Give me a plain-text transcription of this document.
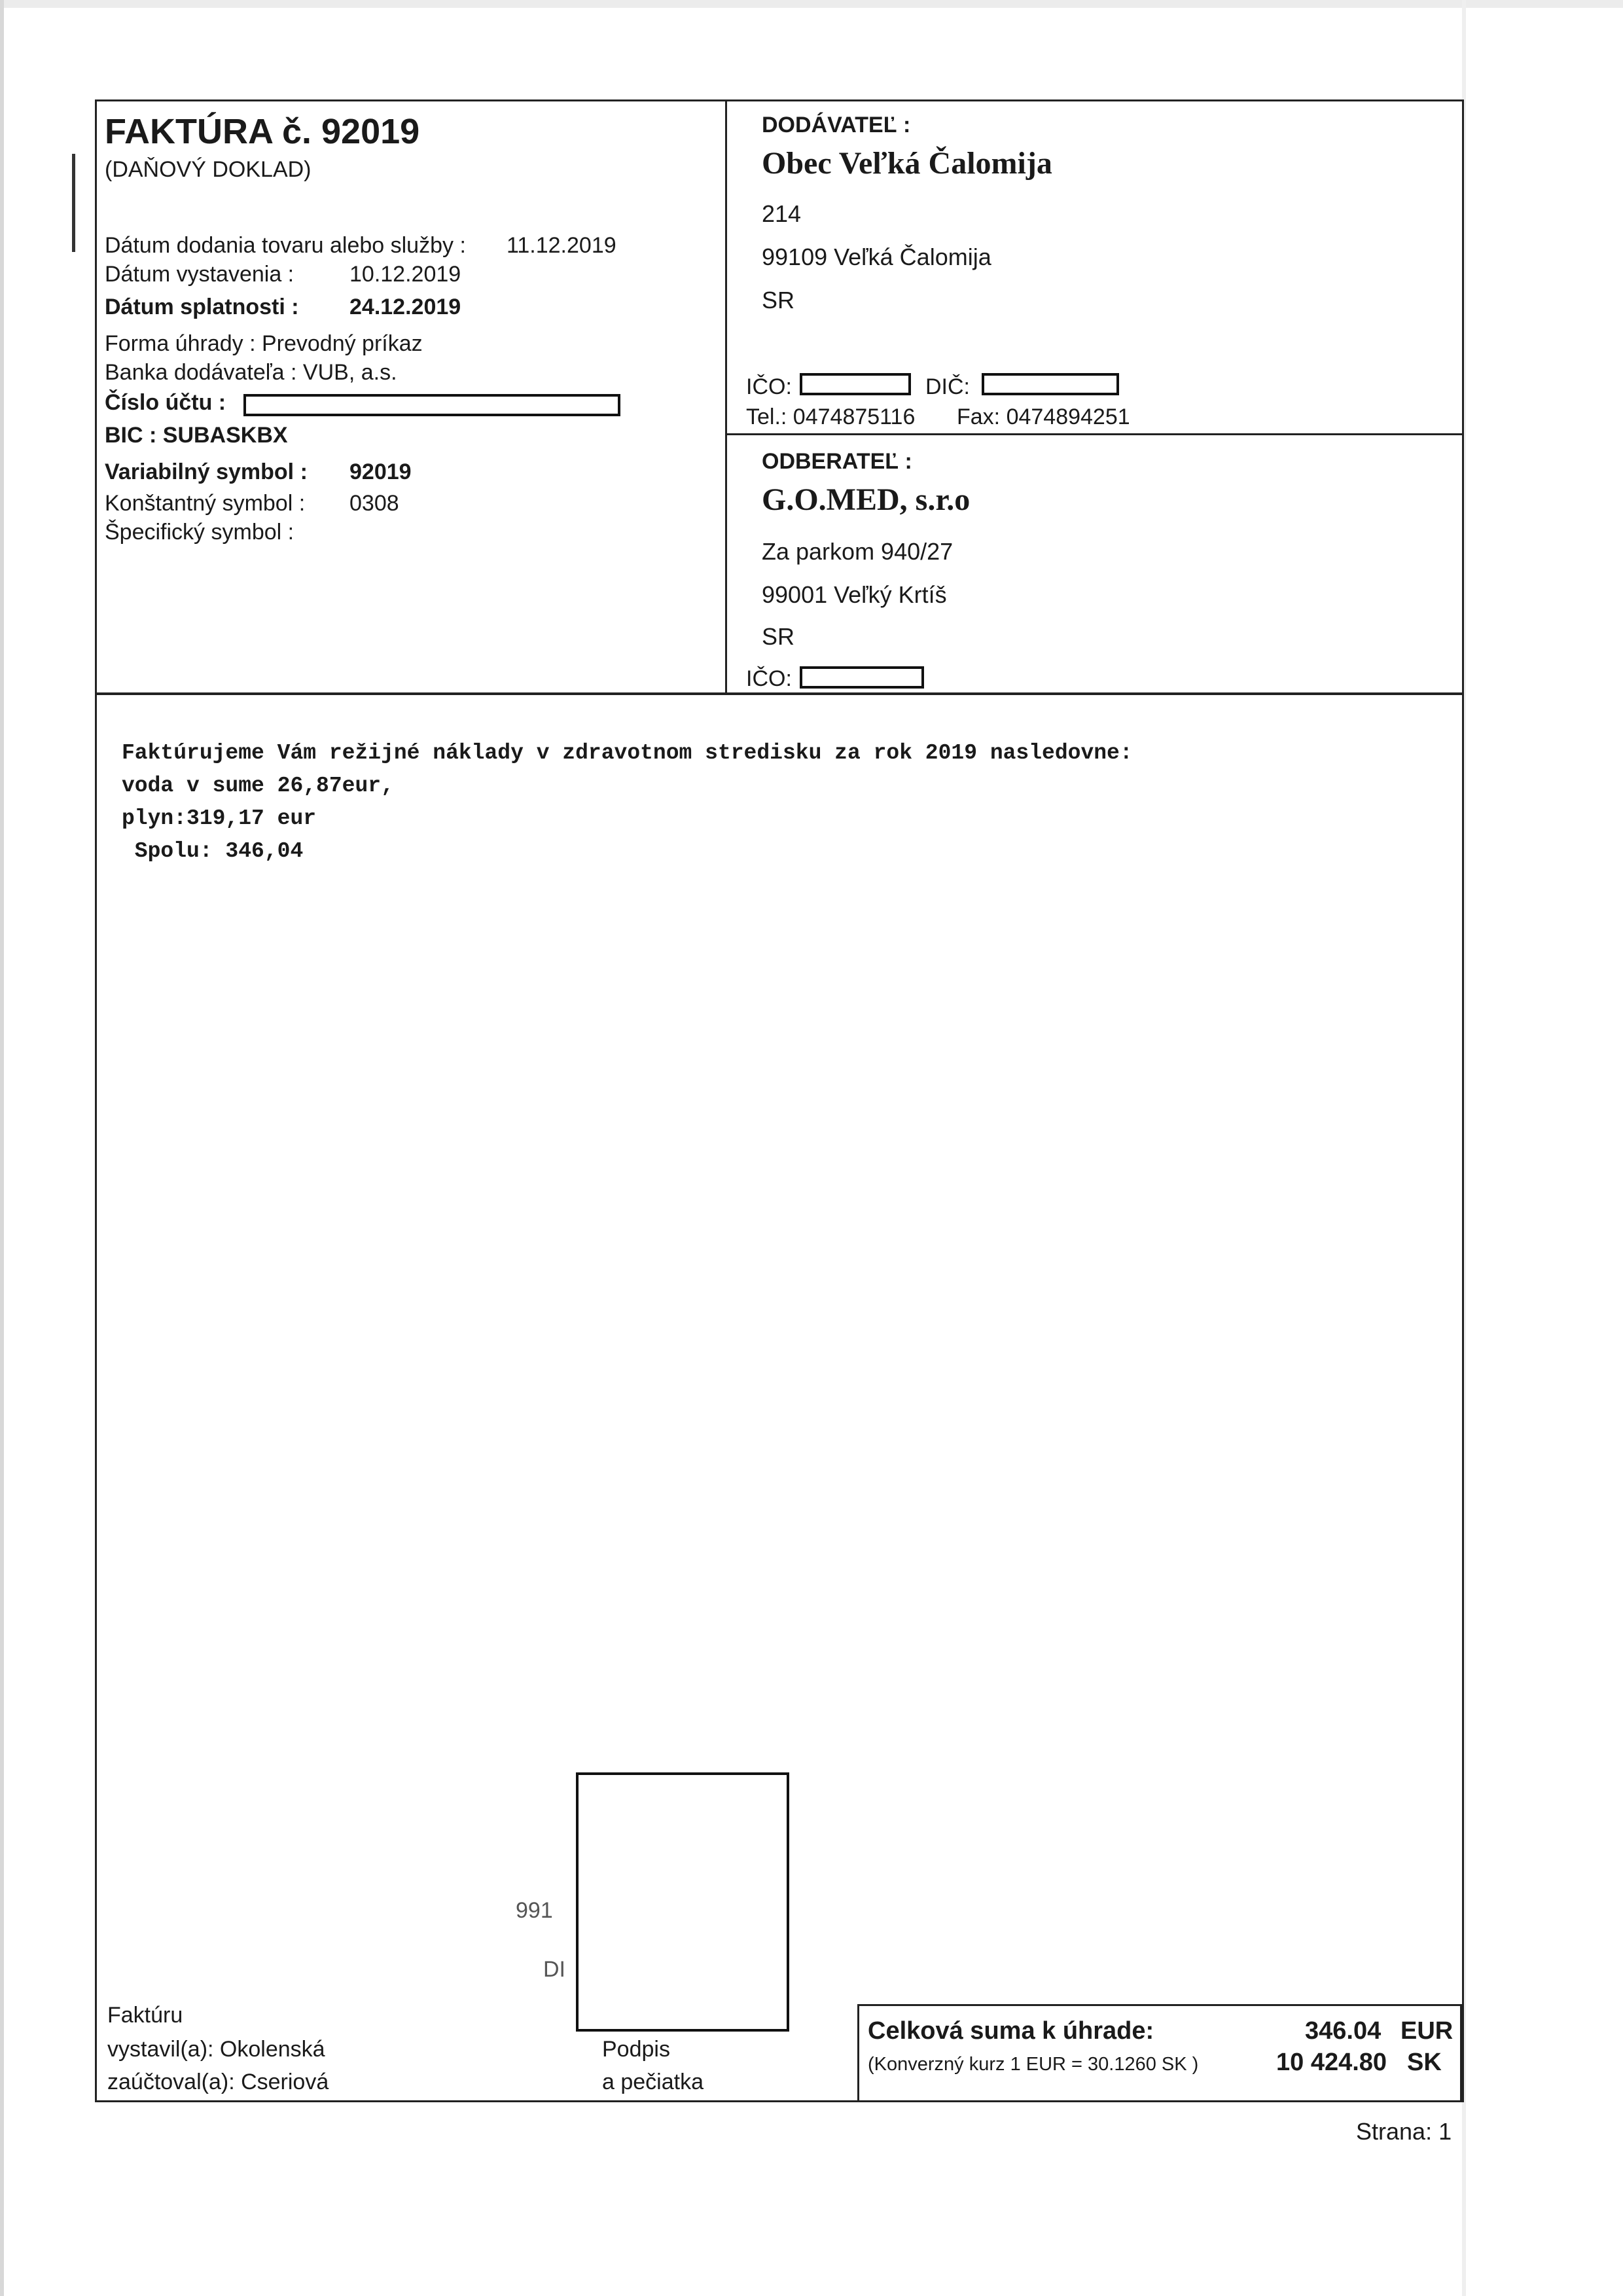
FAKTÚRA č. 92019
(DAŇOVÝ DOKLAD)
Dátum dodania tovaru alebo služby : 11.12.2019
Dátum vystavenia : 10.12.2019
Dátum splatnosti : 24.12.2019
Forma úhrady : Prevodný príkaz
Banka dodávateľa : VUB, a.s.
Číslo účtu :
BIC : SUBASKBX
Variabilný symbol : 92019
Konštantný symbol : 0308
Špecifický symbol :
DODÁVATEĽ :
Obec Veľká Čalomija
214
99109 Veľká Čalomija
SR
IČO:	DIČ:
Tel.: 0474875116 Fax: 0474894251
ODBERATEĽ :
G.O.MED, s.r.o
Za parkom 940/27
99001 Veľký Krtíš
SR
IČO:
Faktúrujeme Vám režijné náklady v zdravotnom stredisku za rok 2019 nasledovne:
voda v sume 26,87eur,
plyn:319,17 eur
Spolu: 346,04
991
DI
Faktúru
vystavil(a): Okolenská
zaúčtoval(a): Cseriová
Podpis
a pečiatka
Celková suma k úhrade:	346.04 EUR
(Konverzný kurz 1 EUR = 30.1260 SK )	10 424.80 SK
Strana: 1
